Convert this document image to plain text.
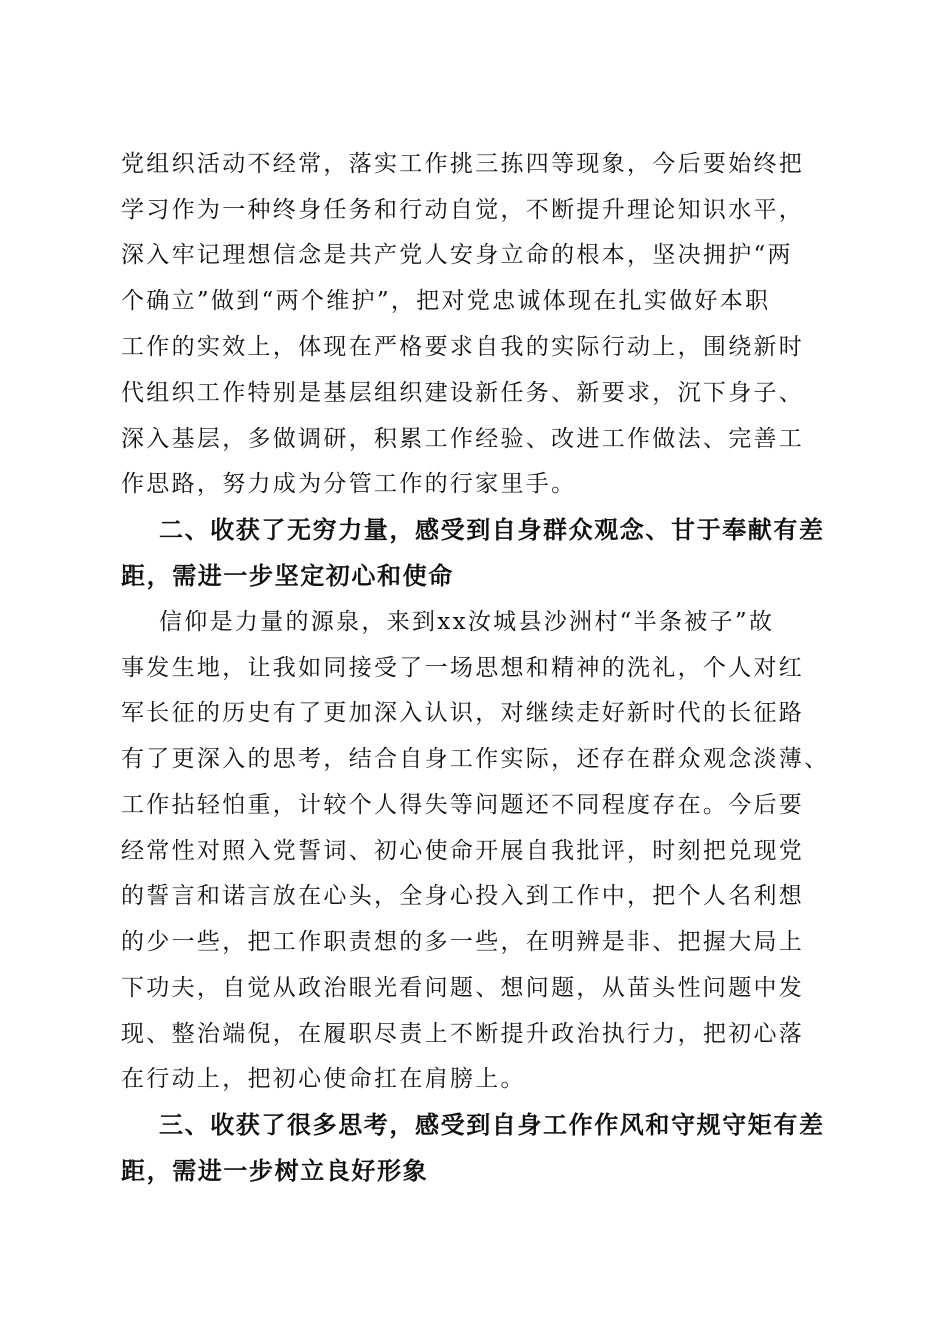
党组织活动不经常，落实工作挑三拣四等现象，今后要始终把
学习作为一种终身任务和行动自觉，不断提升理论知识水平，
深入牢记理想信念是共产党人安身立命的根本，坚决拥护“两
个确立”做到“两个维护”，把对党忠诚体现在扎实做好本职
工作的实效上，体现在严格要求自我的实际行动上，围绕新时
代组织工作特别是基层组织建设新任务、新要求，沉下身子、
深入基层，多做调研，积累工作经验、改进工作做法、完善工
作思路，努力成为分管工作的行家里手。
二、收获了无穷力量，感受到自身群众观念、甘于奉献有差
距，需进一步坚定初心和使命
信仰是力量的源泉，来到xx汝城县沙洲村“半条被子”故
事发生地，让我如同接受了一场思想和精神的洗礼，个人对红
军长征的历史有了更加深入认识，对继续走好新时代的长征路
有了更深入的思考，结合自身工作实际，还存在群众观念淡薄、
工作拈轻怕重，计较个人得失等问题还不同程度存在。今后要
经常性对照入党誓词、初心使命开展自我批评，时刻把兑现党
的誓言和诺言放在心头，全身心投入到工作中，把个人名利想
的少一些，把工作职责想的多一些，在明辨是非、把握大局上
下功夫，自觉从政治眼光看问题、想问题，从苗头性问题中发
现、整治端倪，在履职尽责上不断提升政治执行力，把初心落
在行动上，把初心使命扛在肩膀上。
三、收获了很多思考，感受到自身工作作风和守规守矩有差
距，需进一步树立良好形象
